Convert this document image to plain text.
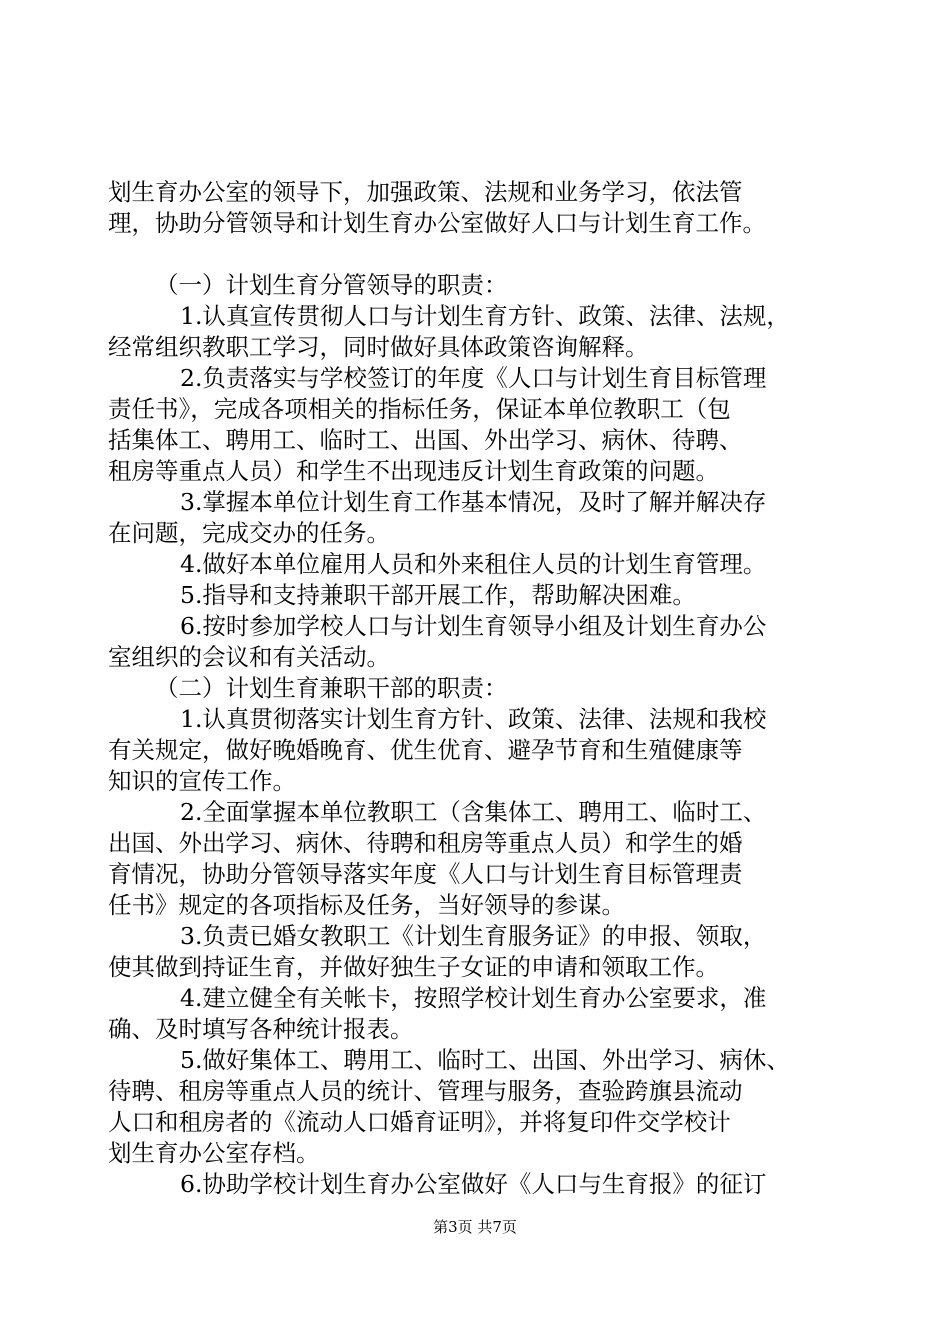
划生育办公室的领导下，加强政策、法规和业务学习，依法管
理，协助分管领导和计划生育办公室做好人口与计划生育工作。
（一）计划生育分管领导的职责：
1.认真宣传贯彻人口与计划生育方针、政策、法律、法规，
经常组织教职工学习，同时做好具体政策咨询解释。
2.负责落实与学校签订的年度《人口与计划生育目标管理
责任书》，完成各项相关的指标任务，保证本单位教职工（包
括集体工、聘用工、临时工、出国、外出学习、病休、待聘、
租房等重点人员）和学生不出现违反计划生育政策的问题。
3.掌握本单位计划生育工作基本情况，及时了解并解决存
在问题，完成交办的任务。
4.做好本单位雇用人员和外来租住人员的计划生育管理。
5.指导和支持兼职干部开展工作，帮助解决困难。
6.按时参加学校人口与计划生育领导小组及计划生育办公
室组织的会议和有关活动。
（二）计划生育兼职干部的职责：
1.认真贯彻落实计划生育方针、政策、法律、法规和我校
有关规定，做好晚婚晚育、优生优育、避孕节育和生殖健康等
知识的宣传工作。
2.全面掌握本单位教职工（含集体工、聘用工、临时工、
出国、外出学习、病休、待聘和租房等重点人员）和学生的婚
育情况，协助分管领导落实年度《人口与计划生育目标管理责
任书》规定的各项指标及任务，当好领导的参谋。
3.负责已婚女教职工《计划生育服务证》的申报、领取，
使其做到持证生育，并做好独生子女证的申请和领取工作。
4.建立健全有关帐卡，按照学校计划生育办公室要求，准
确、及时填写各种统计报表。
5.做好集体工、聘用工、临时工、出国、外出学习、病休、
待聘、租房等重点人员的统计、管理与服务，查验跨旗县流动
人口和租房者的《流动人口婚育证明》，并将复印件交学校计
划生育办公室存档。
6.协助学校计划生育办公室做好《人口与生育报》的征订
第3页 共7页
